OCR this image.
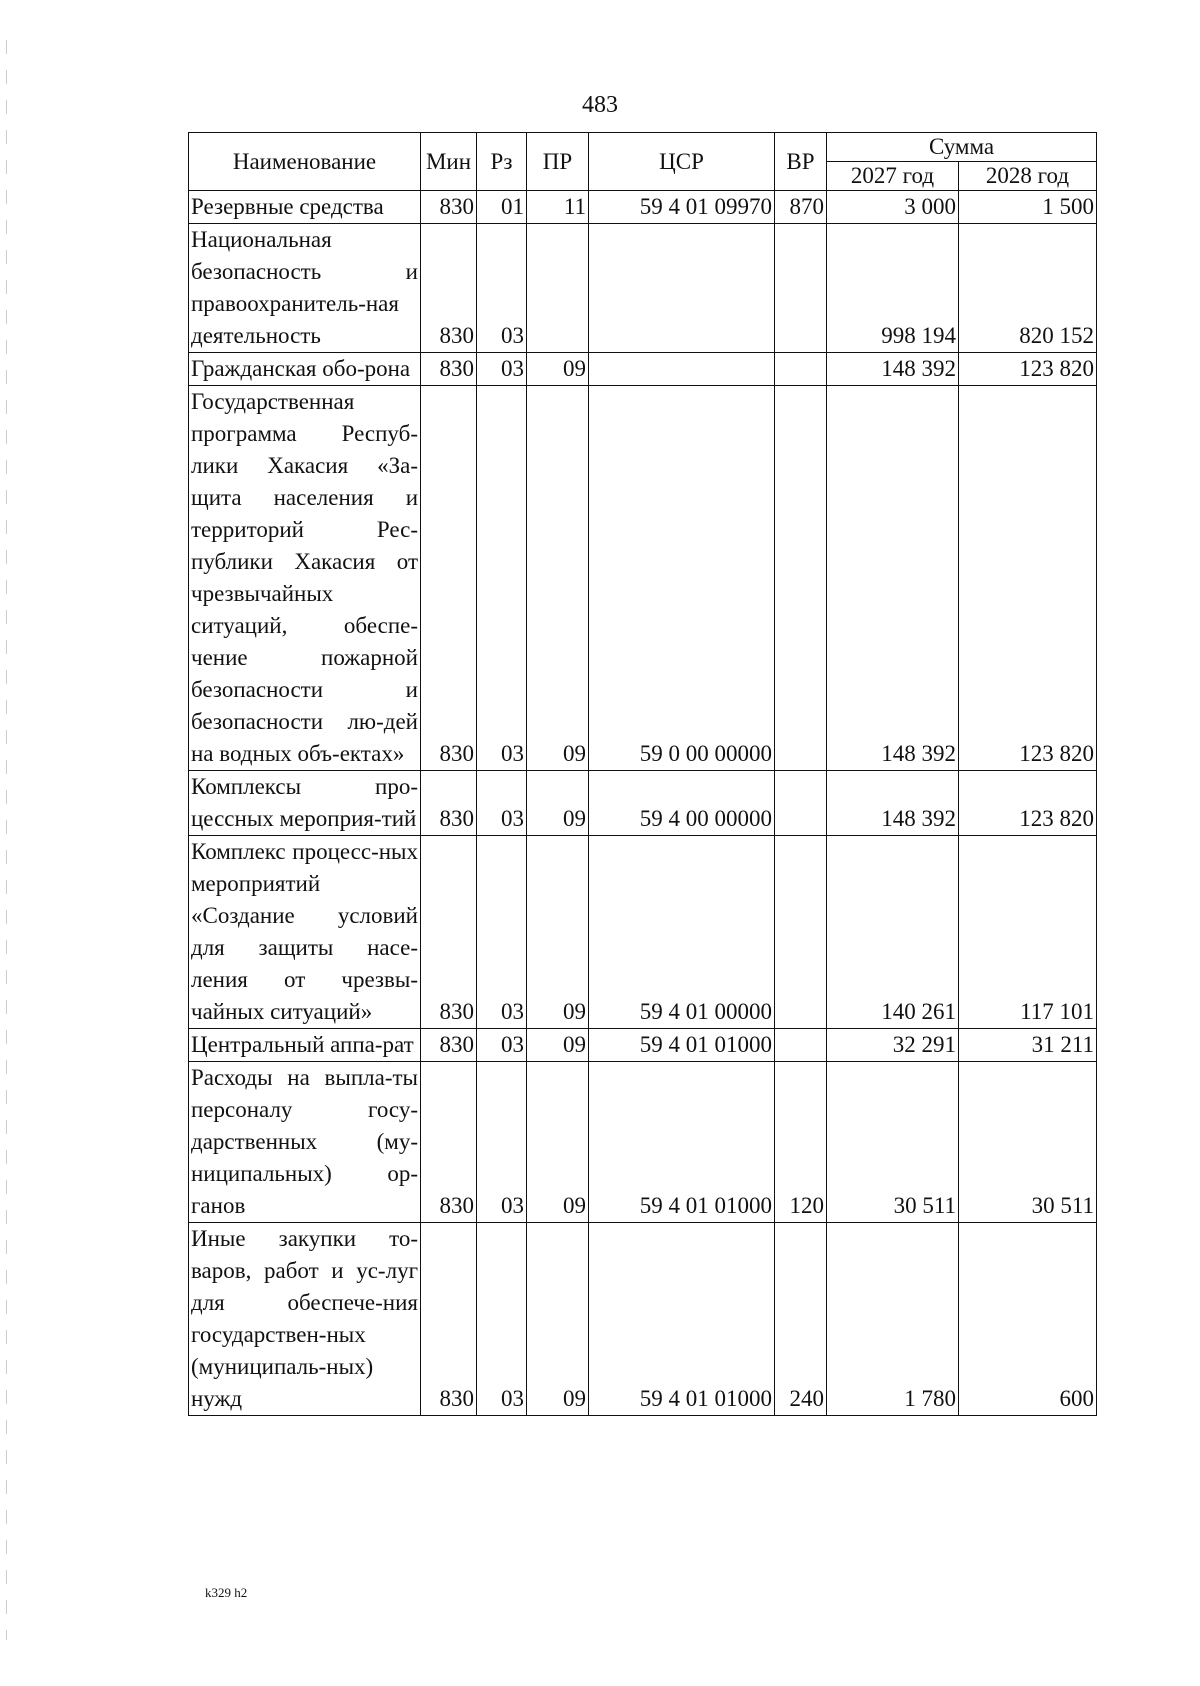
483
Наименование	Мин	Рз	ПР	ЦСР	ВР	Сумма	
						2027 год	2028 год
Резервные средства	830	01	11	59 4 01 09970	870	3 000	1 500
Национальная безопасность и правоохранитель-ная деятельность	830	03				998 194	820 152
Гражданская обо-рона	830	03	09			148 392	123 820
Государственная программа Респуб-лики Хакасия «За-щита населения и территорий Рес-публики Хакасия от чрезвычайных ситуаций, обеспе-чение пожарной безопасности и безопасности лю-дей на водных объ-ектах»	830	03	09	59 0 00 00000		148 392	123 820
Комплексы про-цессных мероприя-тий	830	03	09	59 4 00 00000		148 392	123 820
Комплекс процесс-ных мероприятий «Создание условий для защиты насе-ления от чрезвы-чайных ситуаций»	830	03	09	59 4 01 00000		140 261	117 101
Центральный аппа-рат	830	03	09	59 4 01 01000		32 291	31 211
Расходы на выпла-ты персоналу госу-дарственных (му-ниципальных) ор-ганов	830	03	09	59 4 01 01000	120	30 511	30 511
Иные закупки то-варов, работ и ус-луг для обеспече-ния государствен-ных (муниципаль-ных) нужд	830	03	09	59 4 01 01000	240	1 780	600
k329 h2
